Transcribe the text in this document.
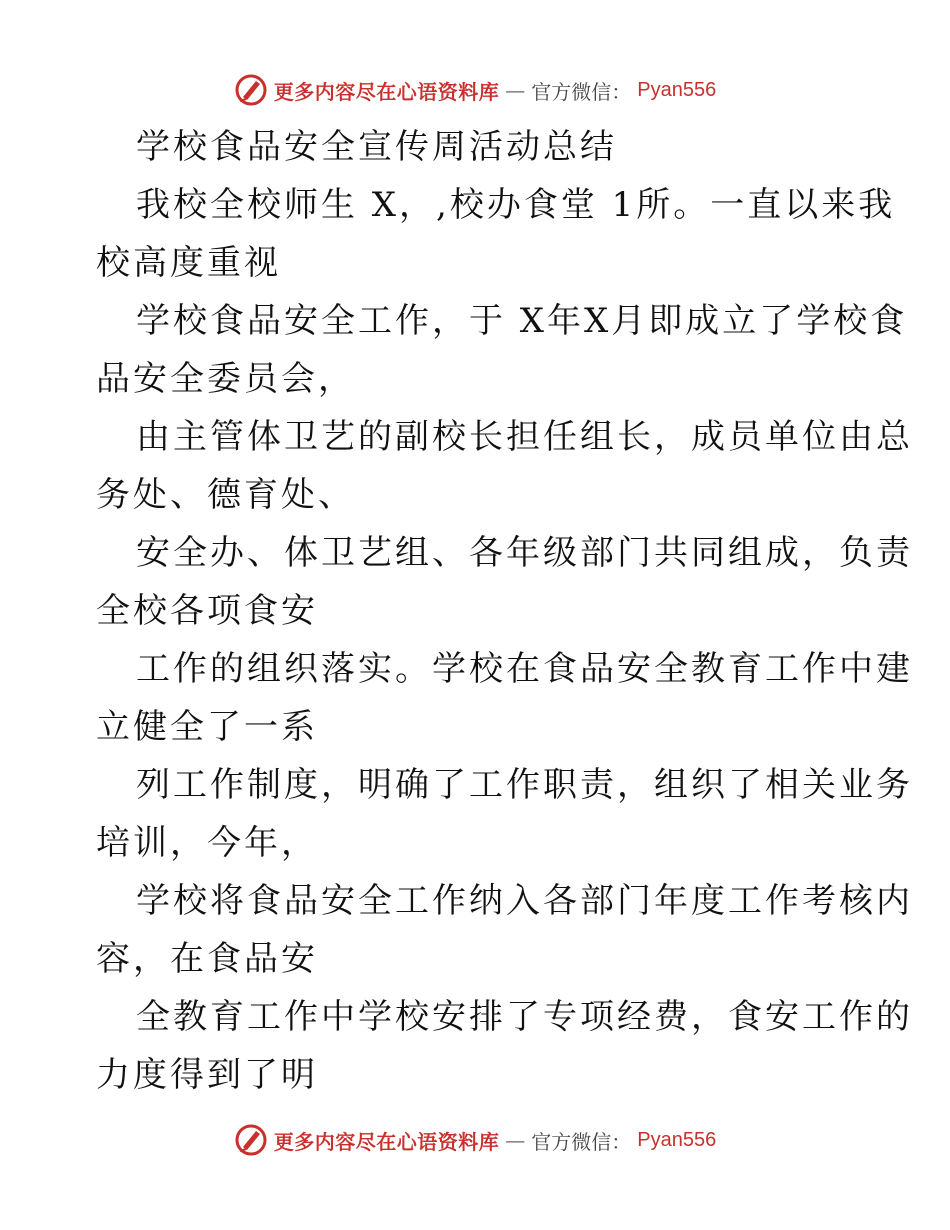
更多内容尽在心语资料库 — 官方微信： Pyan556
学校食品安全宣传周活动总结
我校全校师生 X，,校办食堂 1所。一直以来我
校高度重视
学校食品安全工作，于 X年X月即成立了学校食
品安全委员会，
由主管体卫艺的副校长担任组长，成员单位由总
务处、德育处、
安全办、体卫艺组、各年级部门共同组成，负责
全校各项食安
工作的组织落实。学校在食品安全教育工作中建
立健全了一系
列工作制度，明确了工作职责，组织了相关业务
培训，今年，
学校将食品安全工作纳入各部门年度工作考核内
容，在食品安
全教育工作中学校安排了专项经费，食安工作的
力度得到了明
更多内容尽在心语资料库 — 官方微信： Pyan556
